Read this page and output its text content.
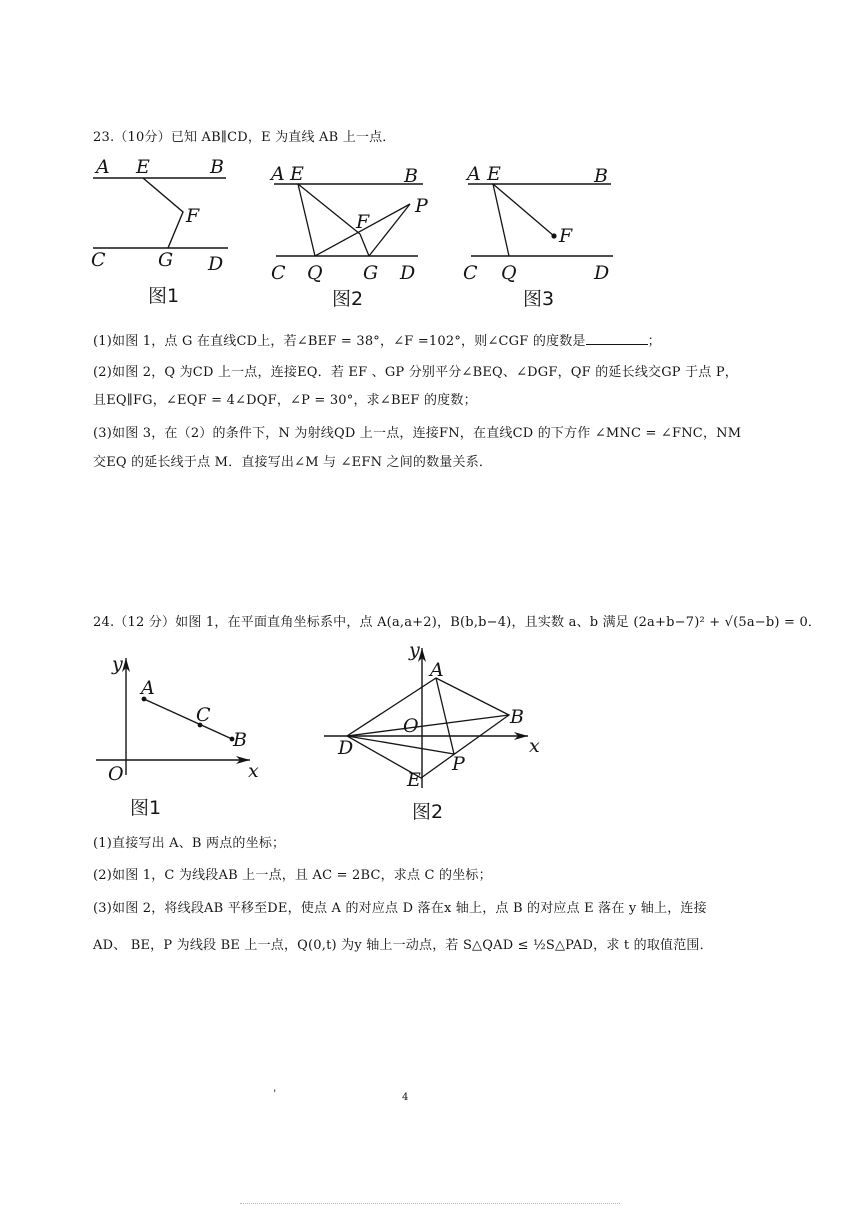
23.（10分）已知 AB∥CD，E 为直线 AB 上一点．
A E	B
F
C	G D
图1
A E	B
P
F
C Q G D
图2
A E	B
F
C Q	D
图3
(1)如图 1，点 G 在直线CD上，若∠BEF = 38°，∠F =102°，则∠CGF 的度数是	；
(2)如图 2，Q 为CD 上一点，连接EQ．若 EF 、GP 分别平分∠BEQ、∠DGF，QF 的延长线交GP 于点 P，
且EQ∥FG，∠EQF = 4∠DQF，∠P = 30°，求∠BEF 的度数；
(3)如图 3，在（2）的条件下，N 为射线QD 上一点，连接FN，在直线CD 的下方作 ∠MNC = ∠FNC，NM
交EQ 的延长线于点 M．直接写出∠M 与 ∠EFN 之间的数量关系．
24.（12 分）如图 1，在平面直角坐标系中，点 A(a,a+2)，B(b,b−4)，且实数 a、b 满足 (2a+b−7)² + √(5a−b) = 0．
y
A
C
B
O	x
图1
y
A
B
O
D	x
P
E
图2
(1)直接写出 A、B 两点的坐标；
(2)如图 1，C 为线段AB 上一点，且 AC = 2BC，求点 C 的坐标；
(3)如图 2，将线段AB 平移至DE，使点 A 的对应点 D 落在x 轴上，点 B 的对应点 E 落在 y 轴上，连接
AD、 BE，P 为线段 BE 上一点，Q(0,t) 为y 轴上一动点，若 S△QAD ≤ ½S△PAD，求 t 的取值范围．
,
4
